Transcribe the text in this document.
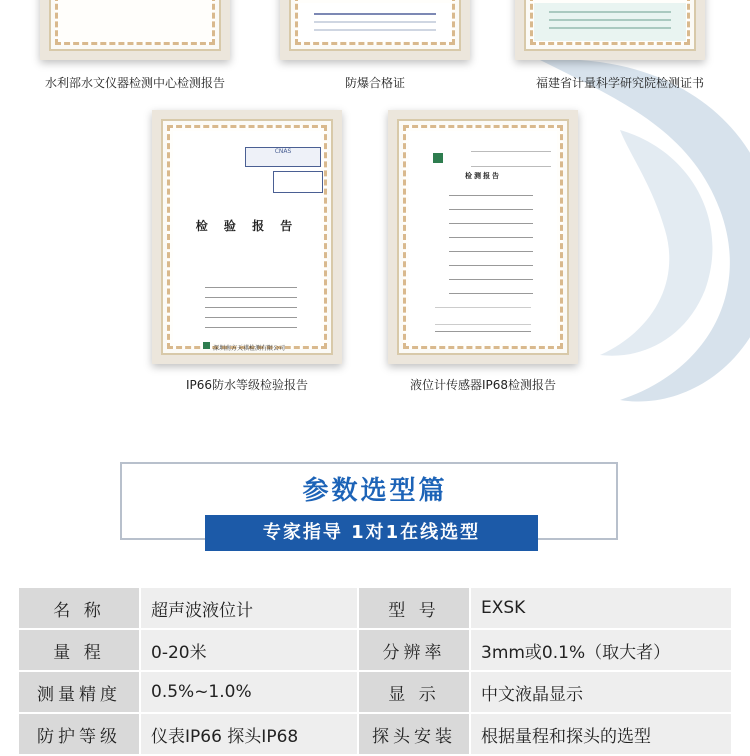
水利部水文仪器检测中心检测报告	防爆合格证	福建省计量科学研究院检测证书
CNAS
检 验 报 告
深圳南方天祺检测有限公司
IP66防水等级检验报告
检测报告
液位计传感器IP68检测报告
参数选型篇
专家指导 1对1在线选型
名 称	超声波液位计	型 号	EXSK
量 程	0-20米	分辨率	3mm或0.1%（取大者）
测量精度	0.5%~1.0%	显 示	中文液晶显示
防护等级	仪表IP66 探头IP68	探头安装	根据量程和探头的选型
